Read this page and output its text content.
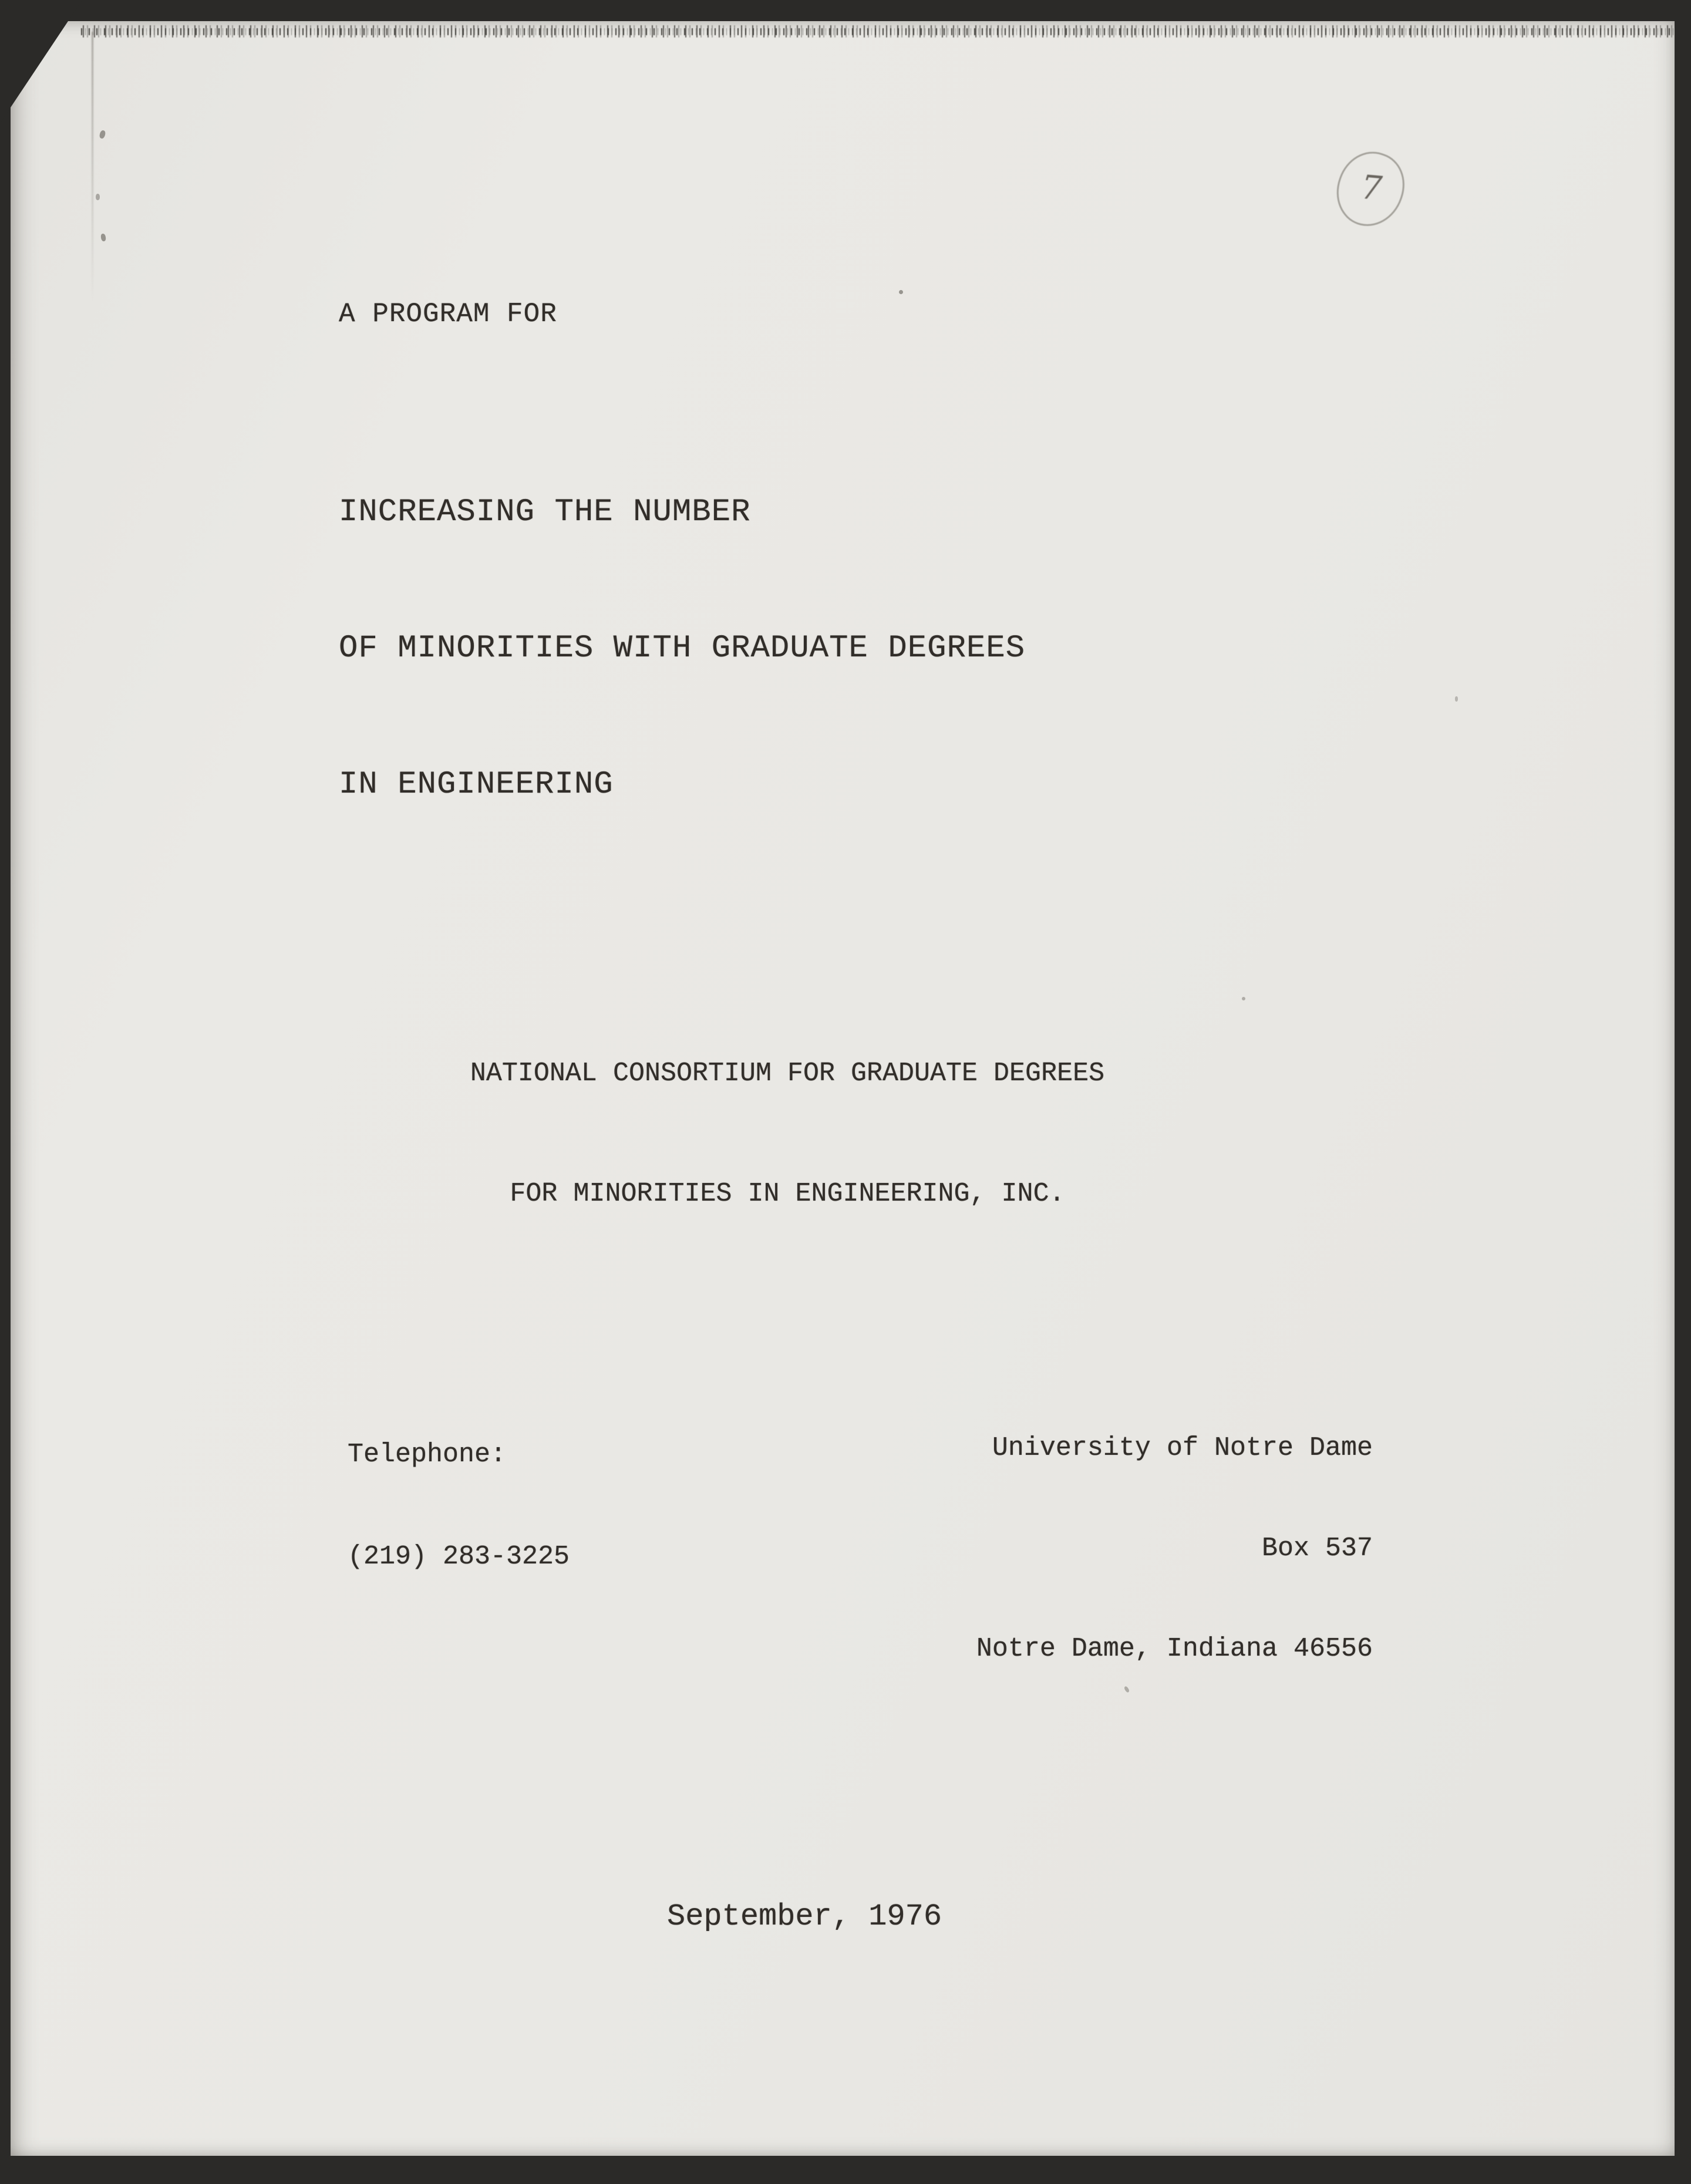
7
A PROGRAM FOR

INCREASING THE NUMBER

OF MINORITIES WITH GRADUATE DEGREES

IN ENGINEERING

NATIONAL CONSORTIUM FOR GRADUATE DEGREES

FOR MINORITIES IN ENGINEERING, INC.

Telephone:

(219) 283-3225

University of Notre Dame

Box 537

Notre Dame, Indiana 46556

September, 1976
